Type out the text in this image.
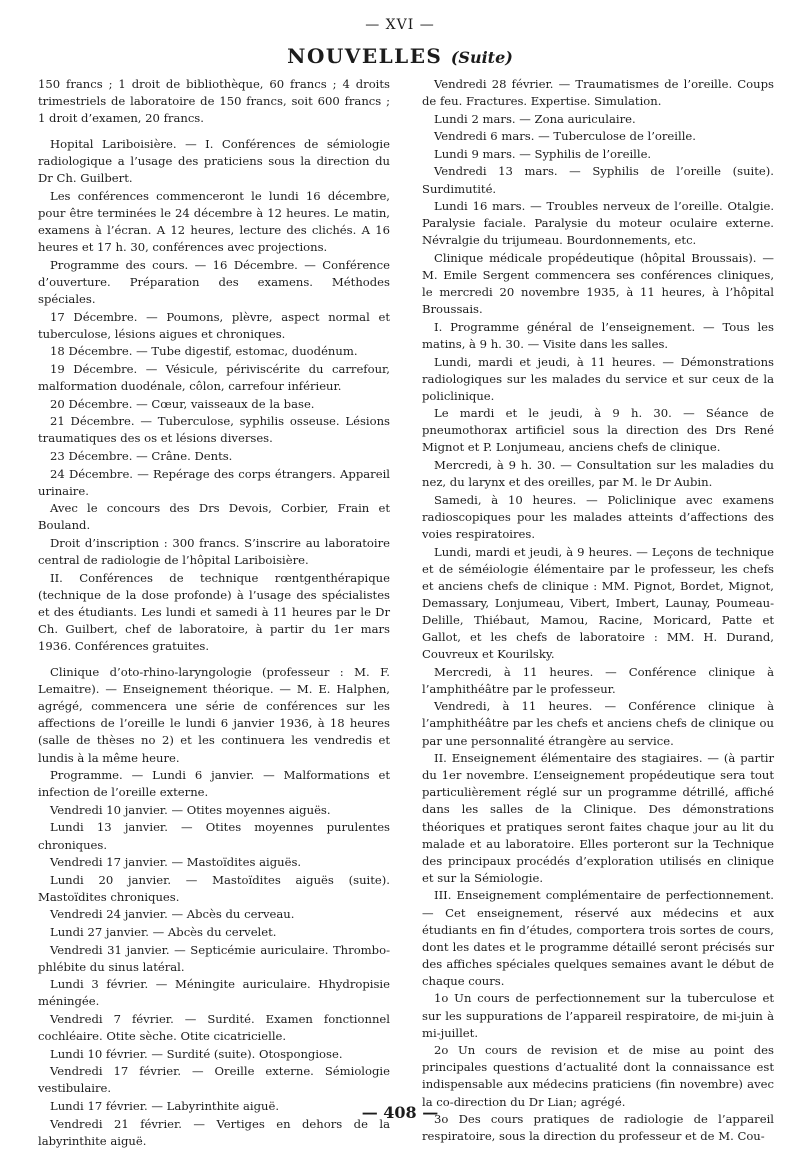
— XVI —
NOUVELLES (Suite)

150 francs ; 1 droit de bibliothèque, 60 francs ; 4 droits trimestriels de laboratoire de 150 francs, soit 600 francs ; 1 droit d’examen, 20 francs.

Hopital Lariboisière. — I. Conférences de sémiologie radiologique a l’usage des praticiens sous la direction du Dr Ch. Guilbert.

Les conférences commenceront le lundi 16 décembre, pour être terminées le 24 décembre à 12 heures. Le matin, examens à l’écran. A 12 heures, lecture des clichés. A 16 heures et 17 h. 30, conférences avec projections.

Programme des cours. — 16 Décembre. — Conférence d’ouverture. Préparation des examens. Méthodes spéciales.

17 Décembre. — Poumons, plèvre, aspect normal et tuberculose, lésions aigues et chroniques.

18 Décembre. — Tube digestif, estomac, duodénum.

19 Décembre. — Vésicule, périviscérite du carrefour, malformation duodénale, côlon, carrefour inférieur.

20 Décembre. — Cœur, vaisseaux de la base.

21 Décembre. — Tuberculose, syphilis osseuse. Lésions traumatiques des os et lésions diverses.

23 Décembre. — Crâne. Dents.

24 Décembre. — Repérage des corps étrangers. Appareil urinaire.

Avec le concours des Drs Devois, Corbier, Frain et Bouland.

Droit d’inscription : 300 francs. S’inscrire au laboratoire central de radiologie de l’hôpital Lariboisière.

II. Conférences de technique rœntgenthérapique (technique de la dose profonde) à l’usage des spécialistes et des étudiants. Les lundi et samedi à 11 heures par le Dr Ch. Guilbert, chef de laboratoire, à partir du 1er mars 1936. Conférences gratuites.

Clinique d’oto-rhino-laryngologie (professeur : M. F. Lemaitre). — Enseignement théorique. — M. E. Halphen, agrégé, commencera une série de conférences sur les affections de l’oreille le lundi 6 janvier 1936, à 18 heures (salle de thèses no 2) et les continuera les vendredis et lundis à la même heure.

Programme. — Lundi 6 janvier. — Malformations et infection de l’oreille externe.

Vendredi 10 janvier. — Otites moyennes aiguës.

Lundi 13 janvier. — Otites moyennes purulentes chroniques.

Vendredi 17 janvier. — Mastoïdites aiguës.

Lundi 20 janvier. — Mastoïdites aiguës (suite). Mastoïdites chroniques.

Vendredi 24 janvier. — Abcès du cerveau.

Lundi 27 janvier. — Abcès du cervelet.

Vendredi 31 janvier. — Septicémie auriculaire. Thrombo-phlébite du sinus latéral.

Lundi 3 février. — Méningite auriculaire. Hhydropisie méningée.

Vendredi 7 février. — Surdité. Examen fonctionnel cochléaire. Otite sèche. Otite cicatricielle.

Lundi 10 février. — Surdité (suite). Otospongiose.

Vendredi 17 février. — Oreille externe. Sémiologie vestibulaire.

Lundi 17 février. — Labyrinthite aiguë.

Vendredi 21 février. — Vertiges en dehors de la labyrinthite aiguë.

Vendredi 28 février. — Traumatismes de l’oreille. Coups de feu. Fractures. Expertise. Simulation.

Lundi 2 mars. — Zona auriculaire.

Vendredi 6 mars. — Tuberculose de l’oreille.

Lundi 9 mars. — Syphilis de l’oreille.

Vendredi 13 mars. — Syphilis de l’oreille (suite). Surdimutité.

Lundi 16 mars. — Troubles nerveux de l’oreille. Otalgie. Paralysie faciale. Paralysie du moteur oculaire externe. Névralgie du trijumeau. Bourdonnements, etc.

Clinique médicale propédeutique (hôpital Broussais). — M. Emile Sergent commencera ses conférences cliniques, le mercredi 20 novembre 1935, à 11 heures, à l’hôpital Broussais.

I. Programme général de l’enseignement. — Tous les matins, à 9 h. 30. — Visite dans les salles.

Lundi, mardi et jeudi, à 11 heures. — Démonstrations radiologiques sur les malades du service et sur ceux de la policlinique.

Le mardi et le jeudi, à 9 h. 30. — Séance de pneumothorax artificiel sous la direction des Drs René Mignot et P. Lonjumeau, anciens chefs de clinique.

Mercredi, à 9 h. 30. — Consultation sur les maladies du nez, du larynx et des oreilles, par M. le Dr Aubin.

Samedi, à 10 heures. — Policlinique avec examens radioscopiques pour les malades atteints d’affections des voies respiratoires.

Lundi, mardi et jeudi, à 9 heures. — Leçons de technique et de séméiologie élémentaire par le professeur, les chefs et anciens chefs de clinique : MM. Pignot, Bordet, Mignot, Demassary, Lonjumeau, Vibert, Imbert, Launay, Poumeau-Delille, Thiébaut, Mamou, Racine, Moricard, Patte et Gallot, et les chefs de laboratoire : MM. H. Durand, Couvreux et Kourilsky.

Mercredi, à 11 heures. — Conférence clinique à l’amphithéâtre par le professeur.

Vendredi, à 11 heures. — Conférence clinique à l’amphithéâtre par les chefs et anciens chefs de clinique ou par une personnalité étrangère au service.

II. Enseignement élémentaire des stagiaires. — (à partir du 1er novembre. L’enseignement propédeutique sera tout particulièrement réglé sur un programme détrillé, affiché dans les salles de la Clinique. Des démonstrations théoriques et pratiques seront faites chaque jour au lit du malade et au laboratoire. Elles porteront sur la Technique des principaux procédés d’exploration utilisés en clinique et sur la Sémiologie.

III. Enseignement complémentaire de perfectionnement. — Cet enseignement, réservé aux médecins et aux étudiants en fin d’études, comportera trois sortes de cours, dont les dates et le programme détaillé seront précisés sur des affiches spéciales quelques semaines avant le début de chaque cours.

1o Un cours de perfectionnement sur la tuberculose et sur les suppurations de l’appareil respiratoire, de mi-juin à mi-juillet.

2o Un cours de revision et de mise au point des principales questions d’actualité dont la connaissance est indispensable aux médecins praticiens (fin novembre) avec la co-direction du Dr Lian; agrégé.

3o Des cours pratiques de radiologie de l’appareil respiratoire, sous la direction du professeur et de M. Cou-

— 408 —
